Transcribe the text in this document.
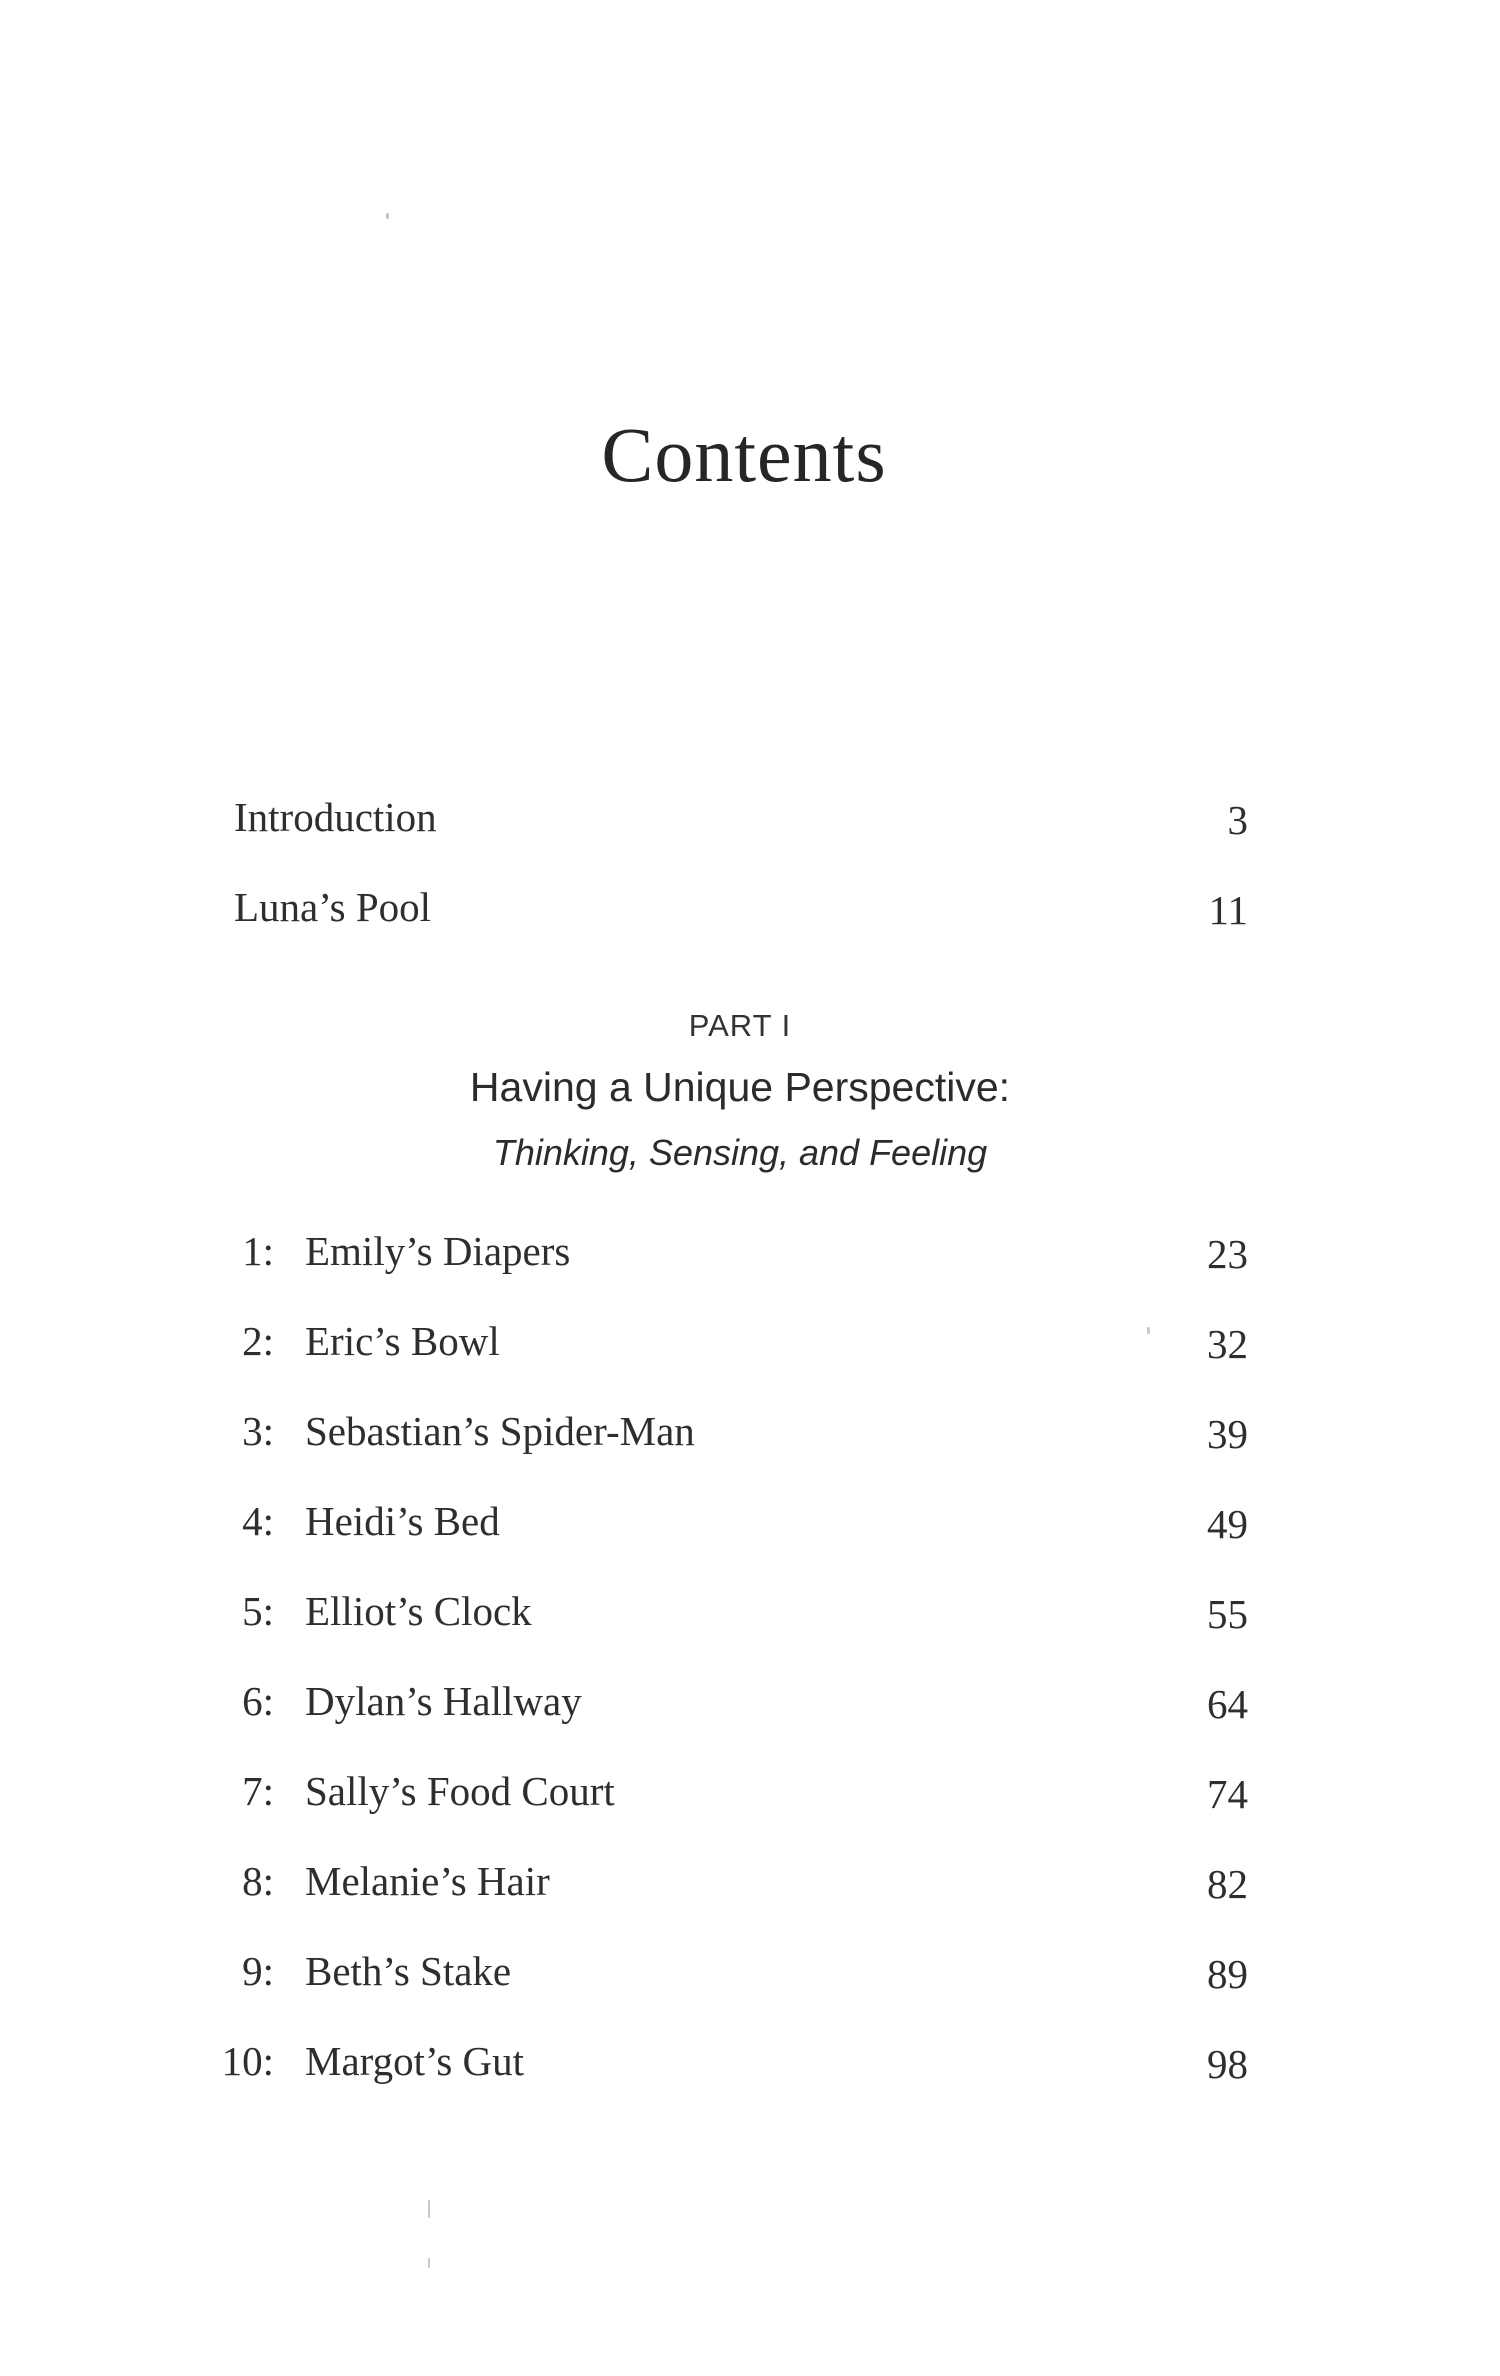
Contents
Introduction	3
Luna’s Pool	11
PART I
Having a Unique Perspective:
Thinking, Sensing, and Feeling
1: Emily’s Diapers	23
2: Eric’s Bowl	32
3: Sebastian’s Spider-Man	39
4: Heidi’s Bed	49
5: Elliot’s Clock	55
6: Dylan’s Hallway	64
7: Sally’s Food Court	74
8: Melanie’s Hair	82
9: Beth’s Stake	89
10: Margot’s Gut	98
